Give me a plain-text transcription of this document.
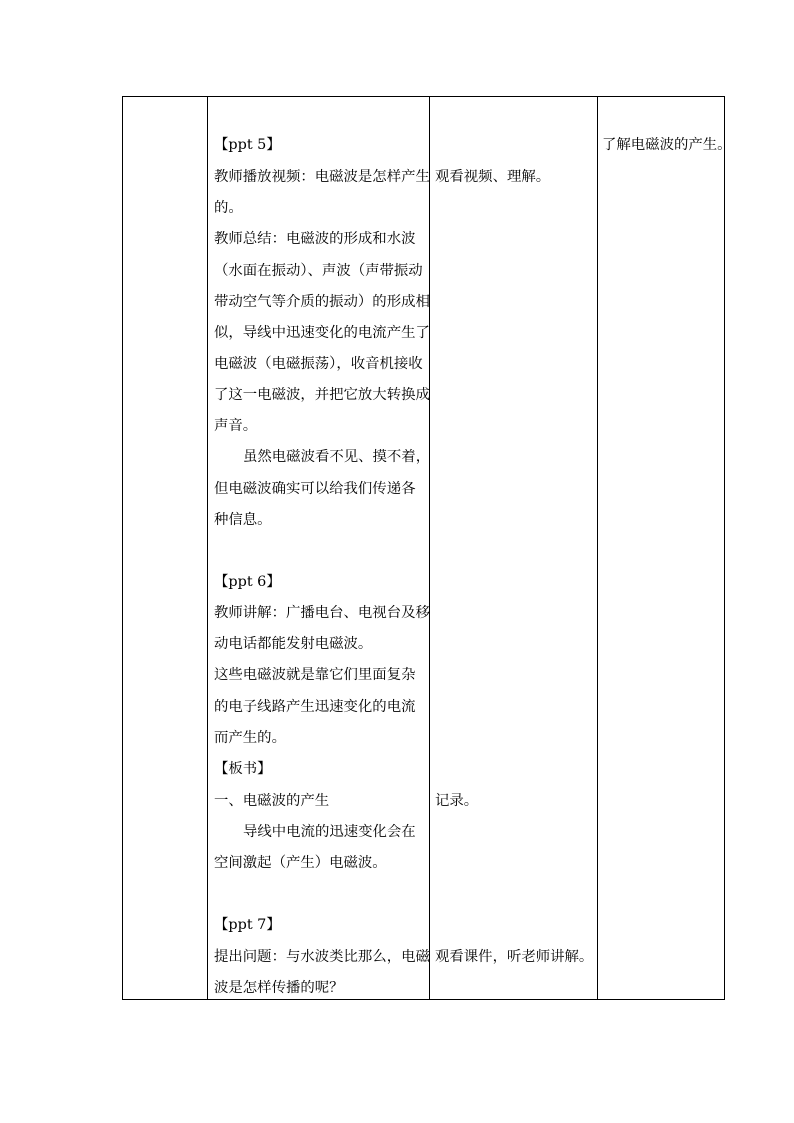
【ppt 5】
教师播放视频：电磁波是怎样产生
的。
教师总结：电磁波的形成和水波
（水面在振动）、声波（声带振动
带动空气等介质的振动）的形成相
似，导线中迅速变化的电流产生了
电磁波（电磁振荡），收音机接收
了这一电磁波，并把它放大转换成
声音。
虽然电磁波看不见、摸不着，
但电磁波确实可以给我们传递各
种信息。
【ppt 6】
教师讲解：广播电台、电视台及移
动电话都能发射电磁波。
这些电磁波就是靠它们里面复杂
的电子线路产生迅速变化的电流
而产生的。
【板书】
一、电磁波的产生
导线中电流的迅速变化会在
空间激起（产生）电磁波。
【ppt 7】
提出问题：与水波类比那么，电磁
波是怎样传播的呢？
观看视频、理解。
记录。
观看课件，听老师讲解。
了解电磁波的产生。
